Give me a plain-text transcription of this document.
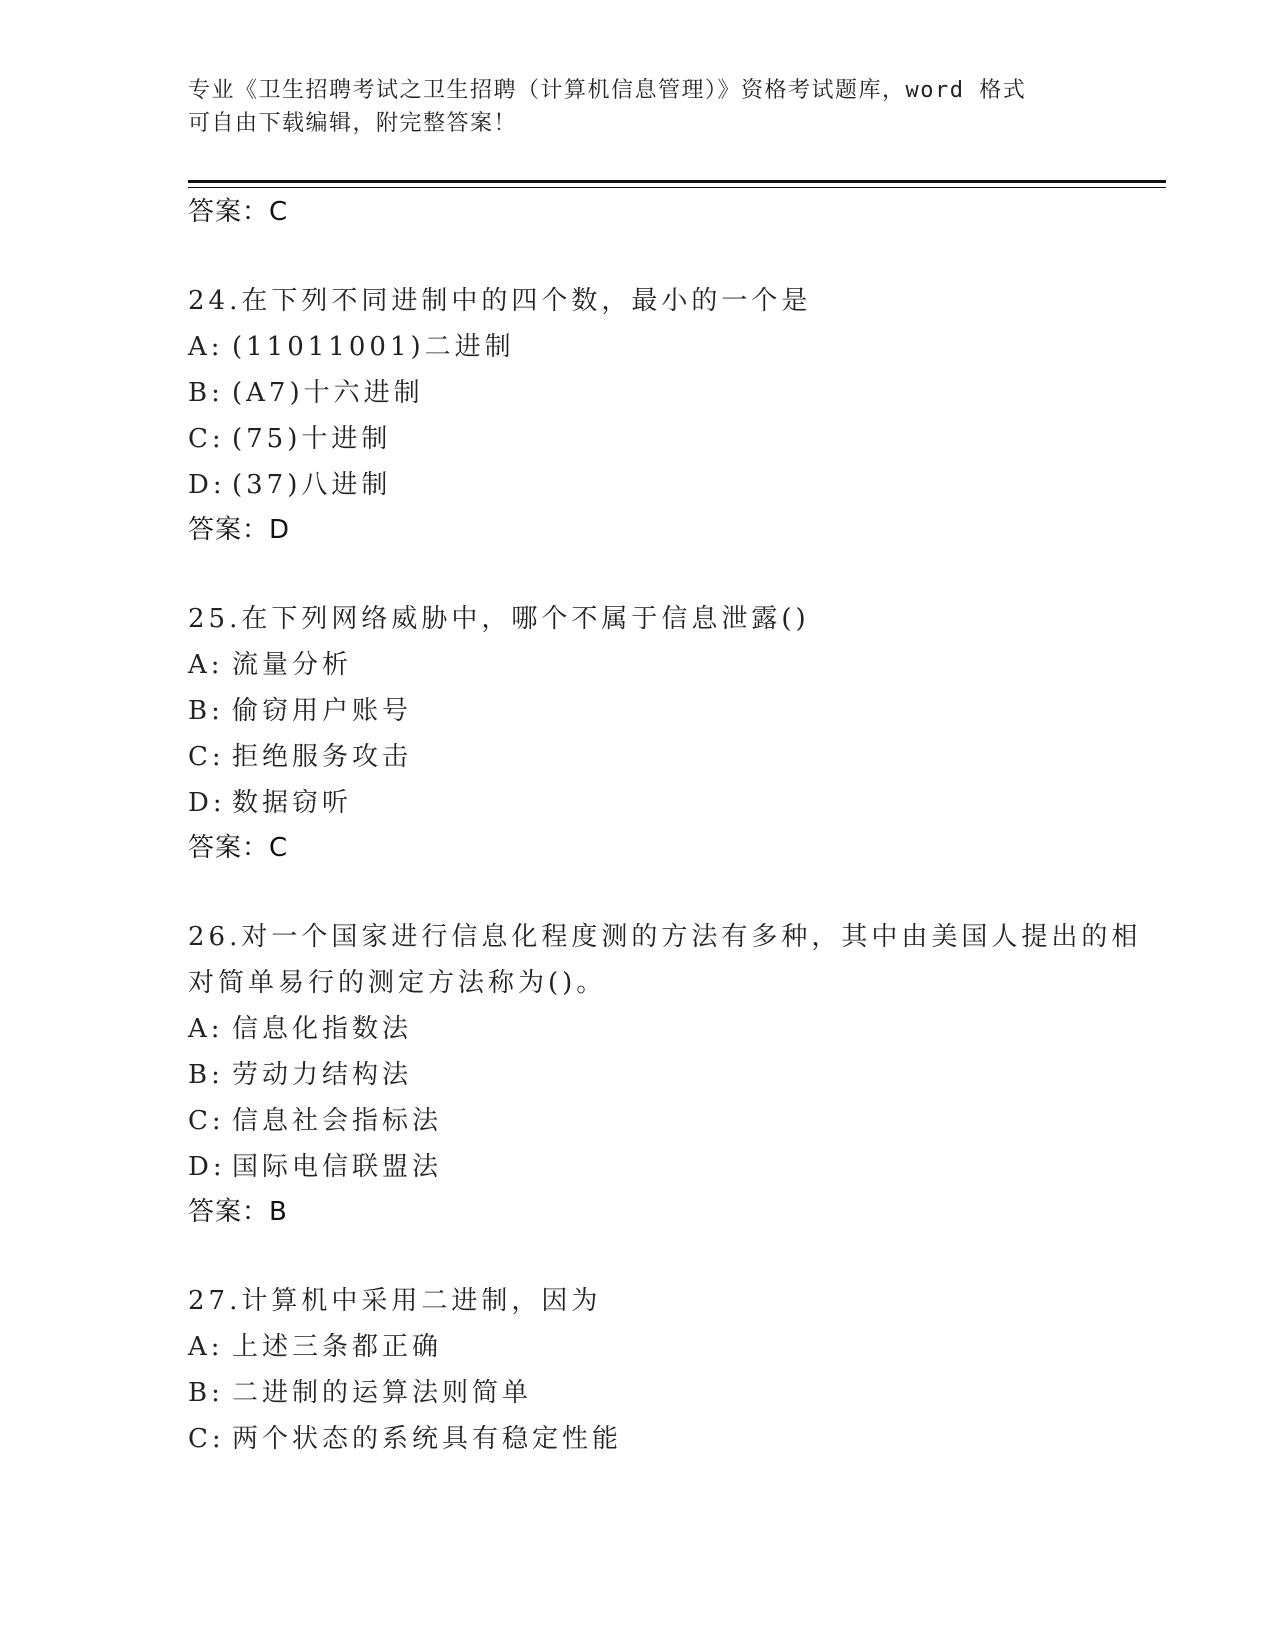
专业《卫生招聘考试之卫生招聘（计算机信息管理）》资格考试题库，word 格式
可自由下载编辑，附完整答案！
答案：C
24.在下列不同进制中的四个数，最小的一个是
A: (11011001)二进制
B: (A7)十六进制
C: (75)十进制
D: (37)八进制
答案：D
25.在下列网络威胁中，哪个不属于信息泄露()
A: 流量分析
B: 偷窃用户账号
C: 拒绝服务攻击
D: 数据窃听
答案：C
26.对一个国家进行信息化程度测的方法有多种，其中由美国人提出的相对简单易行的测定方法称为()。
A: 信息化指数法
B: 劳动力结构法
C: 信息社会指标法
D: 国际电信联盟法
答案：B
27.计算机中采用二进制，因为
A: 上述三条都正确
B: 二进制的运算法则简单
C: 两个状态的系统具有稳定性能
